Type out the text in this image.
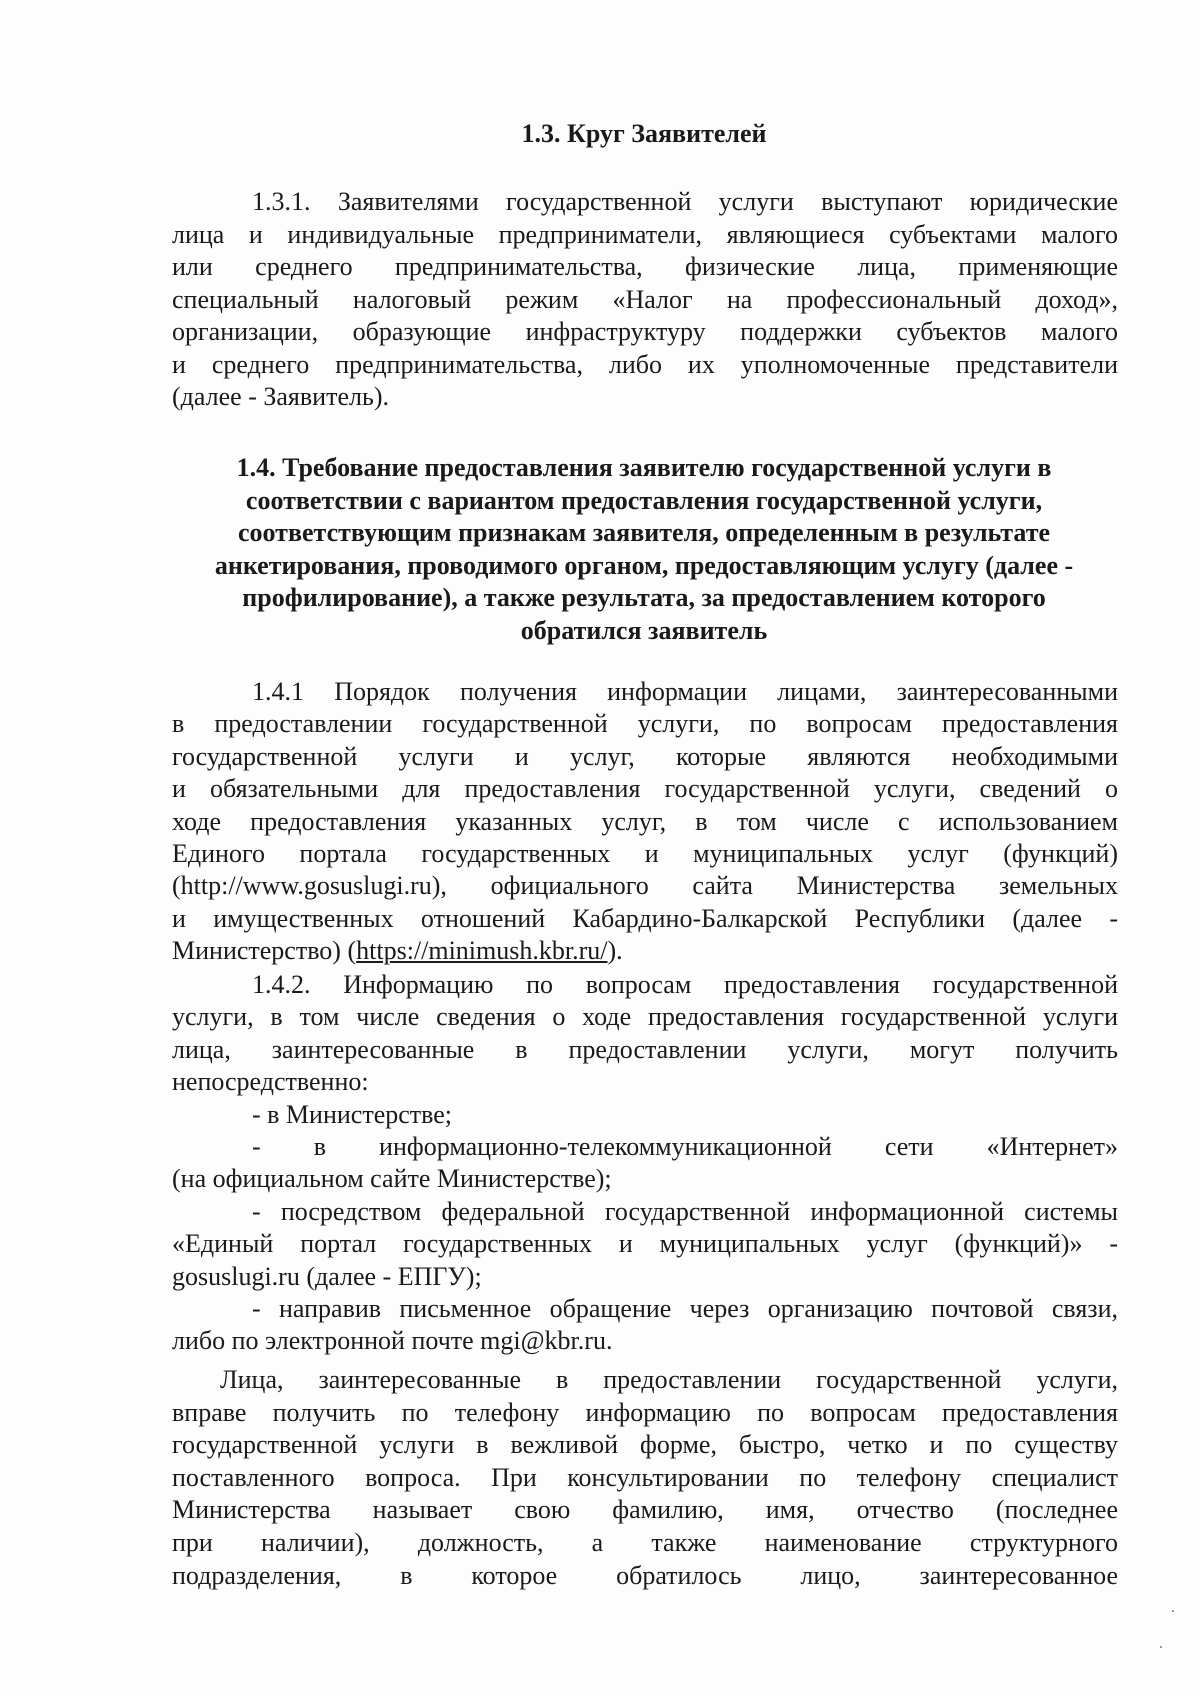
1.3. Круг Заявителей
1.3.1. Заявителями государственной услуги выступают юридические
лица и индивидуальные предприниматели, являющиеся субъектами малого
или среднего предпринимательства, физические лица, применяющие
специальный налоговый режим «Налог на профессиональный доход»,
организации, образующие инфраструктуру поддержки субъектов малого
и среднего предпринимательства, либо их уполномоченные представители
(далее - Заявитель).
1.4. Требование предоставления заявителю государственной услуги в
соответствии с вариантом предоставления государственной услуги,
соответствующим признакам заявителя, определенным в результате
анкетирования, проводимого органом, предоставляющим услугу (далее -
профилирование), а также результата, за предоставлением которого
обратился заявитель
1.4.1 Порядок получения информации лицами, заинтересованными
в предоставлении государственной услуги, по вопросам предоставления
государственной услуги и услуг, которые являются необходимыми
и обязательными для предоставления государственной услуги, сведений о
ходе предоставления указанных услуг, в том числе с использованием
Единого портала государственных и муниципальных услуг (функций)
(http://www.gosuslugi.ru), официального сайта Министерства земельных
и имущественных отношений Кабардино-Балкарской Республики (далее -
Министерство) (https://minimush.kbr.ru/).
1.4.2. Информацию по вопросам предоставления государственной
услуги, в том числе сведения о ходе предоставления государственной услуги
лица, заинтересованные в предоставлении услуги, могут получить
непосредственно:
- в Министерстве;
- в информационно-телекоммуникационной сети «Интернет»
(на официальном сайте Министерстве);
- посредством федеральной государственной информационной системы
«Единый портал государственных и муниципальных услуг (функций)» -
gosuslugi.ru (далее - ЕПГУ);
- направив письменное обращение через организацию почтовой связи,
либо по электронной почте mgi@kbr.ru.
Лица, заинтересованные в предоставлении государственной услуги,
вправе получить по телефону информацию по вопросам предоставления
государственной услуги в вежливой форме, быстро, четко и по существу
поставленного вопроса. При консультировании по телефону специалист
Министерства называет свою фамилию, имя, отчество (последнее
при наличии), должность, а также наименование структурного
подразделения, в которое обратилось лицо, заинтересованное
